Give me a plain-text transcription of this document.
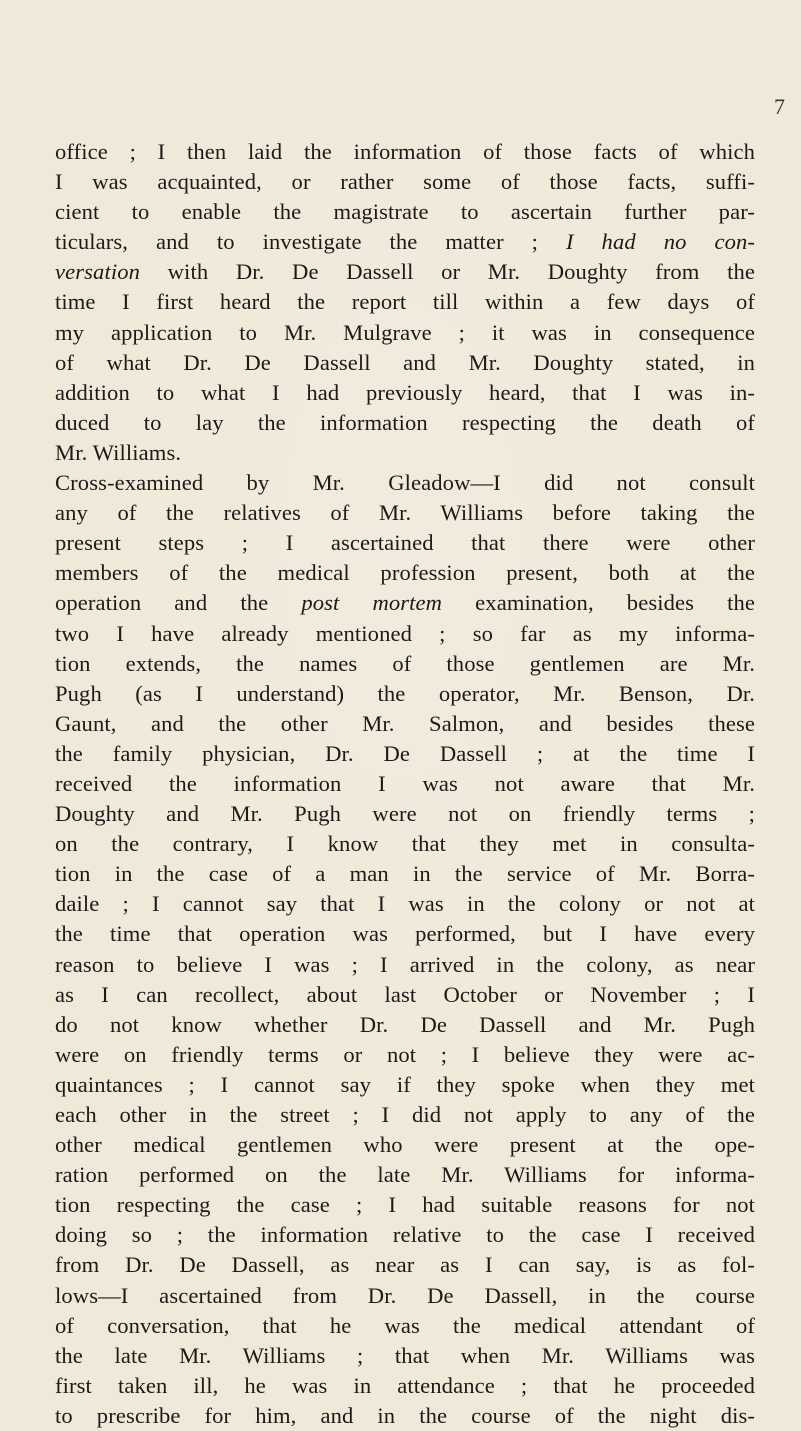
7
office ; I then laid the information of those facts of which
I was acquainted, or rather some of those facts, suffi-
cient to enable the magistrate to ascertain further par-
ticulars, and to investigate the matter ; I had no con-
versation with Dr. De Dassell or Mr. Doughty from the
time I first heard the report till within a few days of
my application to Mr. Mulgrave ; it was in consequence
of what Dr. De Dassell and Mr. Doughty stated, in
addition to what I had previously heard, that I was in-
duced to lay the information respecting the death of
Mr. Williams.
Cross-examined by Mr. Gleadow—I did not consult
any of the relatives of Mr. Williams before taking the
present steps ; I ascertained that there were other
members of the medical profession present, both at the
operation and the post mortem examination, besides the
two I have already mentioned ; so far as my informa-
tion extends, the names of those gentlemen are Mr.
Pugh (as I understand) the operator, Mr. Benson, Dr.
Gaunt, and the other Mr. Salmon, and besides these
the family physician, Dr. De Dassell ; at the time I
received the information I was not aware that Mr.
Doughty and Mr. Pugh were not on friendly terms ;
on the contrary, I know that they met in consulta-
tion in the case of a man in the service of Mr. Borra-
daile ; I cannot say that I was in the colony or not at
the time that operation was performed, but I have every
reason to believe I was ; I arrived in the colony, as near
as I can recollect, about last October or November ; I
do not know whether Dr. De Dassell and Mr. Pugh
were on friendly terms or not ; I believe they were ac-
quaintances ; I cannot say if they spoke when they met
each other in the street ; I did not apply to any of the
other medical gentlemen who were present at the ope-
ration performed on the late Mr. Williams for informa-
tion respecting the case ; I had suitable reasons for not
doing so ; the information relative to the case I received
from Dr. De Dassell, as near as I can say, is as fol-
lows—I ascertained from Dr. De Dassell, in the course
of conversation, that he was the medical attendant of
the late Mr. Williams ; that when Mr. Williams was
first taken ill, he was in attendance ; that he proceeded
to prescribe for him, and in the course of the night dis-
